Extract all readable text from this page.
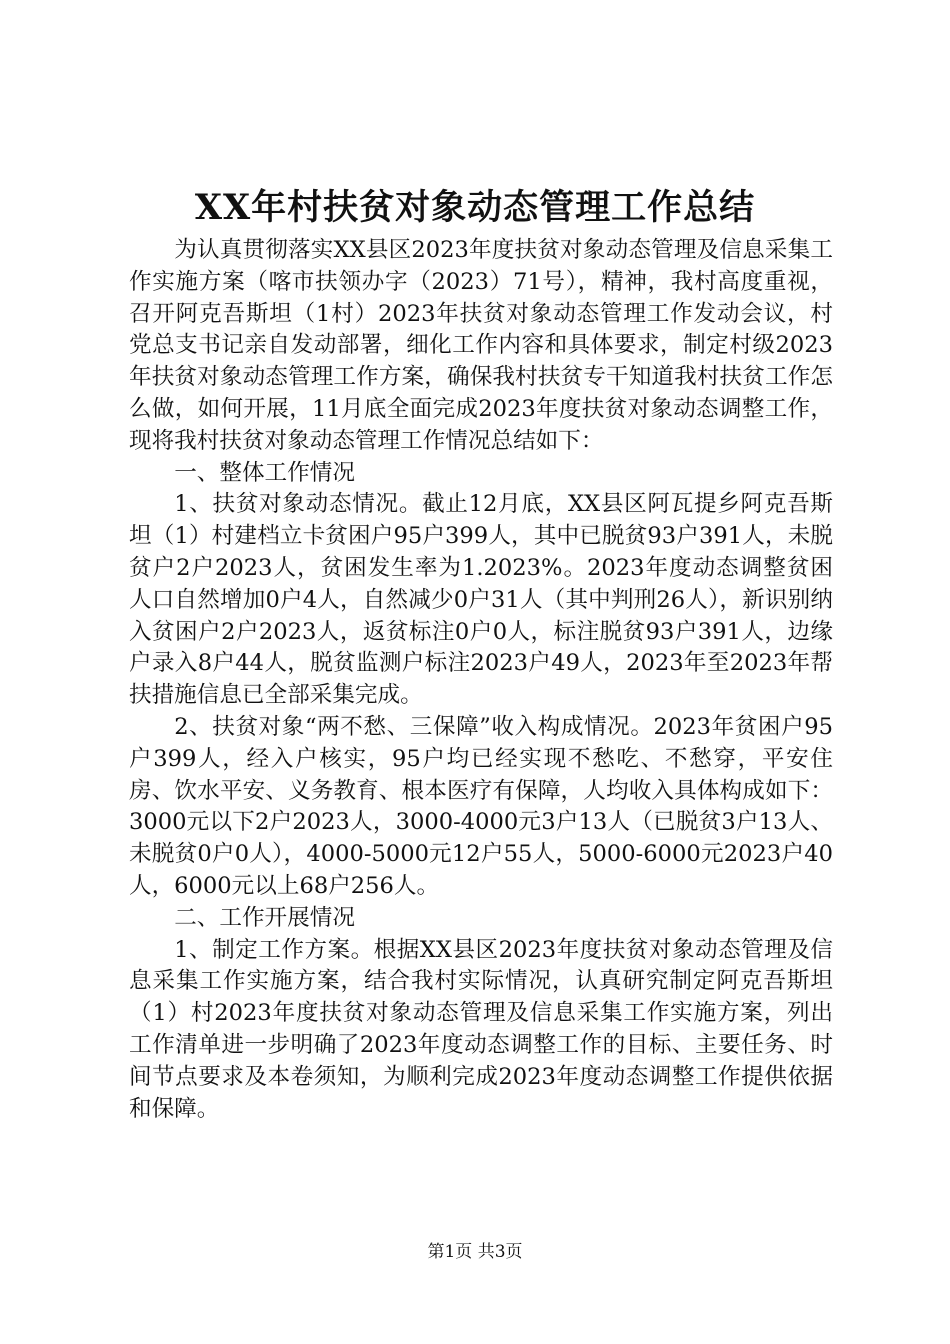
XX年村扶贫对象动态管理工作总结

为认真贯彻落实XX县区2023年度扶贫对象动态管理及信息采集工作实施方案（喀市扶领办字（2023）71号），精神，我村高度重视，召开阿克吾斯坦（1村）2023年扶贫对象动态管理工作发动会议，村党总支书记亲自发动部署，细化工作内容和具体要求，制定村级2023年扶贫对象动态管理工作方案，确保我村扶贫专干知道我村扶贫工作怎么做，如何开展，11月底全面完成2023年度扶贫对象动态调整工作，现将我村扶贫对象动态管理工作情况总结如下：

一、整体工作情况

1、扶贫对象动态情况。截止12月底，XX县区阿瓦提乡阿克吾斯坦（1）村建档立卡贫困户95户399人，其中已脱贫93户391人，未脱贫户2户2023人，贫困发生率为1.2023%。2023年度动态调整贫困人口自然增加0户4人，自然减少0户31人（其中判刑26人），新识别纳入贫困户2户2023人，返贫标注0户0人，标注脱贫93户391人，边缘户录入8户44人，脱贫监测户标注2023户49人，2023年至2023年帮扶措施信息已全部采集完成。

2、扶贫对象“两不愁、三保障”收入构成情况。2023年贫困户95户399人，经入户核实，95户均已经实现不愁吃、不愁穿，平安住房、饮水平安、义务教育、根本医疗有保障，人均收入具体构成如下：3000元以下2户2023人，3000-4000元3户13人（已脱贫3户13人、未脱贫0户0人），4000-5000元12户55人，5000-6000元2023户40人，6000元以上68户256人。

二、工作开展情况

1、制定工作方案。根据XX县区2023年度扶贫对象动态管理及信息采集工作实施方案，结合我村实际情况，认真研究制定阿克吾斯坦（1）村2023年度扶贫对象动态管理及信息采集工作实施方案，列出工作清单进一步明确了2023年度动态调整工作的目标、主要任务、时间节点要求及本卷须知，为顺利完成2023年度动态调整工作提供依据和保障。

第1页 共3页
